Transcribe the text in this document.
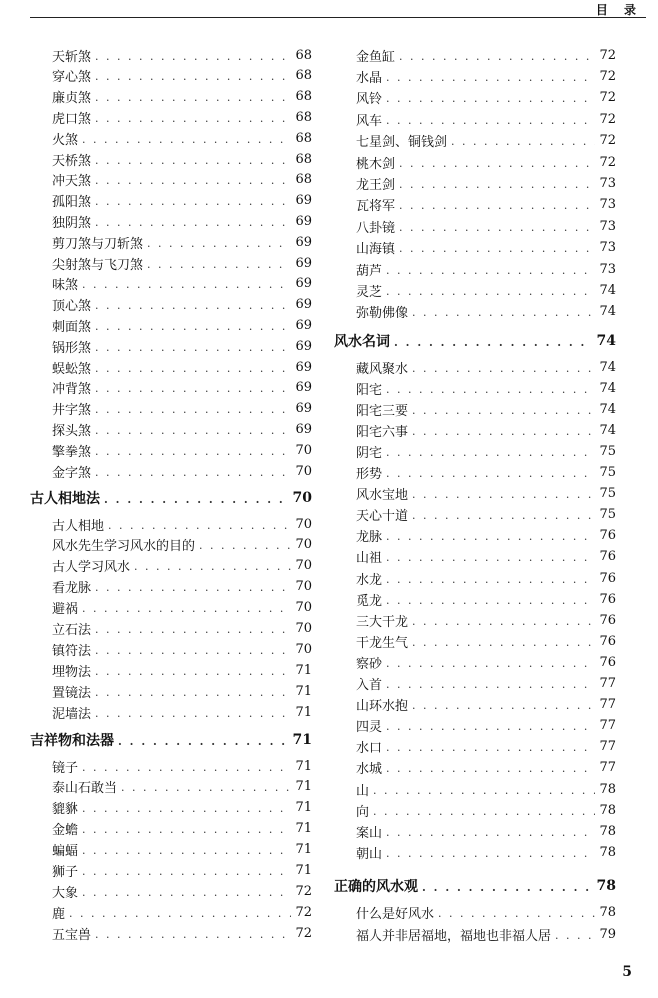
目 录
天斩煞 . . .	68
穿心煞 . . .	68
廉贞煞 . . .	68
虎口煞 . . .	68
火煞 . . .	68
天桥煞 . . .	68
冲天煞 . . .	68
孤阳煞 . . .	69
独阴煞 . . .	69
剪刀煞与刀斩煞 . . .	69
尖射煞与飞刀煞 . . .	69
味煞 . . .	69
顶心煞 . . .	69
刺面煞 . . .	69
锅形煞 . . .	69
蜈蚣煞 . . .	69
冲背煞 . . .	69
井字煞 . . .	69
探头煞 . . .	69
擎拳煞 . . .	70
金字煞 . . .	70
古人相地法 . . .	70
古人相地 . . .	70
风水先生学习风水的目的 . . .	70
古人学习风水 . . .	70
看龙脉 . . .	70
避祸 . . .	70
立石法 . . .	70
镇符法 . . .	70
埋物法 . . .	71
置镜法 . . .	71
泥墙法 . . .	71
吉祥物和法器 . . .	71
镜子 . . .	71
泰山石敢当 . . .	71
貔貅 . . .	71
金蟾 . . .	71
蝙蝠 . . .	71
狮子 . . .	71
大象 . . .	72
鹿 . . .	72
五宝兽 . . .	72
金鱼缸 . . .	72
水晶 . . .	72
风铃 . . .	72
风车 . . .	72
七星剑、铜钱剑 . . .	72
桃木剑 . . .	72
龙王剑 . . .	73
瓦将军 . . .	73
八卦镜 . . .	73
山海镇 . . .	73
葫芦 . . .	73
灵芝 . . .	74
弥勒佛像 . . .	74
风水名词 . . .	74
藏风聚水 . . .	74
阳宅 . . .	74
阳宅三要 . . .	74
阳宅六事 . . .	74
阴宅 . . .	75
形势 . . .	75
风水宝地 . . .	75
天心十道 . . .	75
龙脉 . . .	76
山祖 . . .	76
水龙 . . .	76
觅龙 . . .	76
三大干龙 . . .	76
干龙生气 . . .	76
察砂 . . .	76
入首 . . .	77
山环水抱 . . .	77
四灵 . . .	77
水口 . . .	77
水城 . . .	77
山 . . .	78
向 . . .	78
案山 . . .	78
朝山 . . .	78
正确的风水观 . . .	78
什么是好风水 . . .	78
福人并非居福地，福地也非福人居 . . .	79
5
